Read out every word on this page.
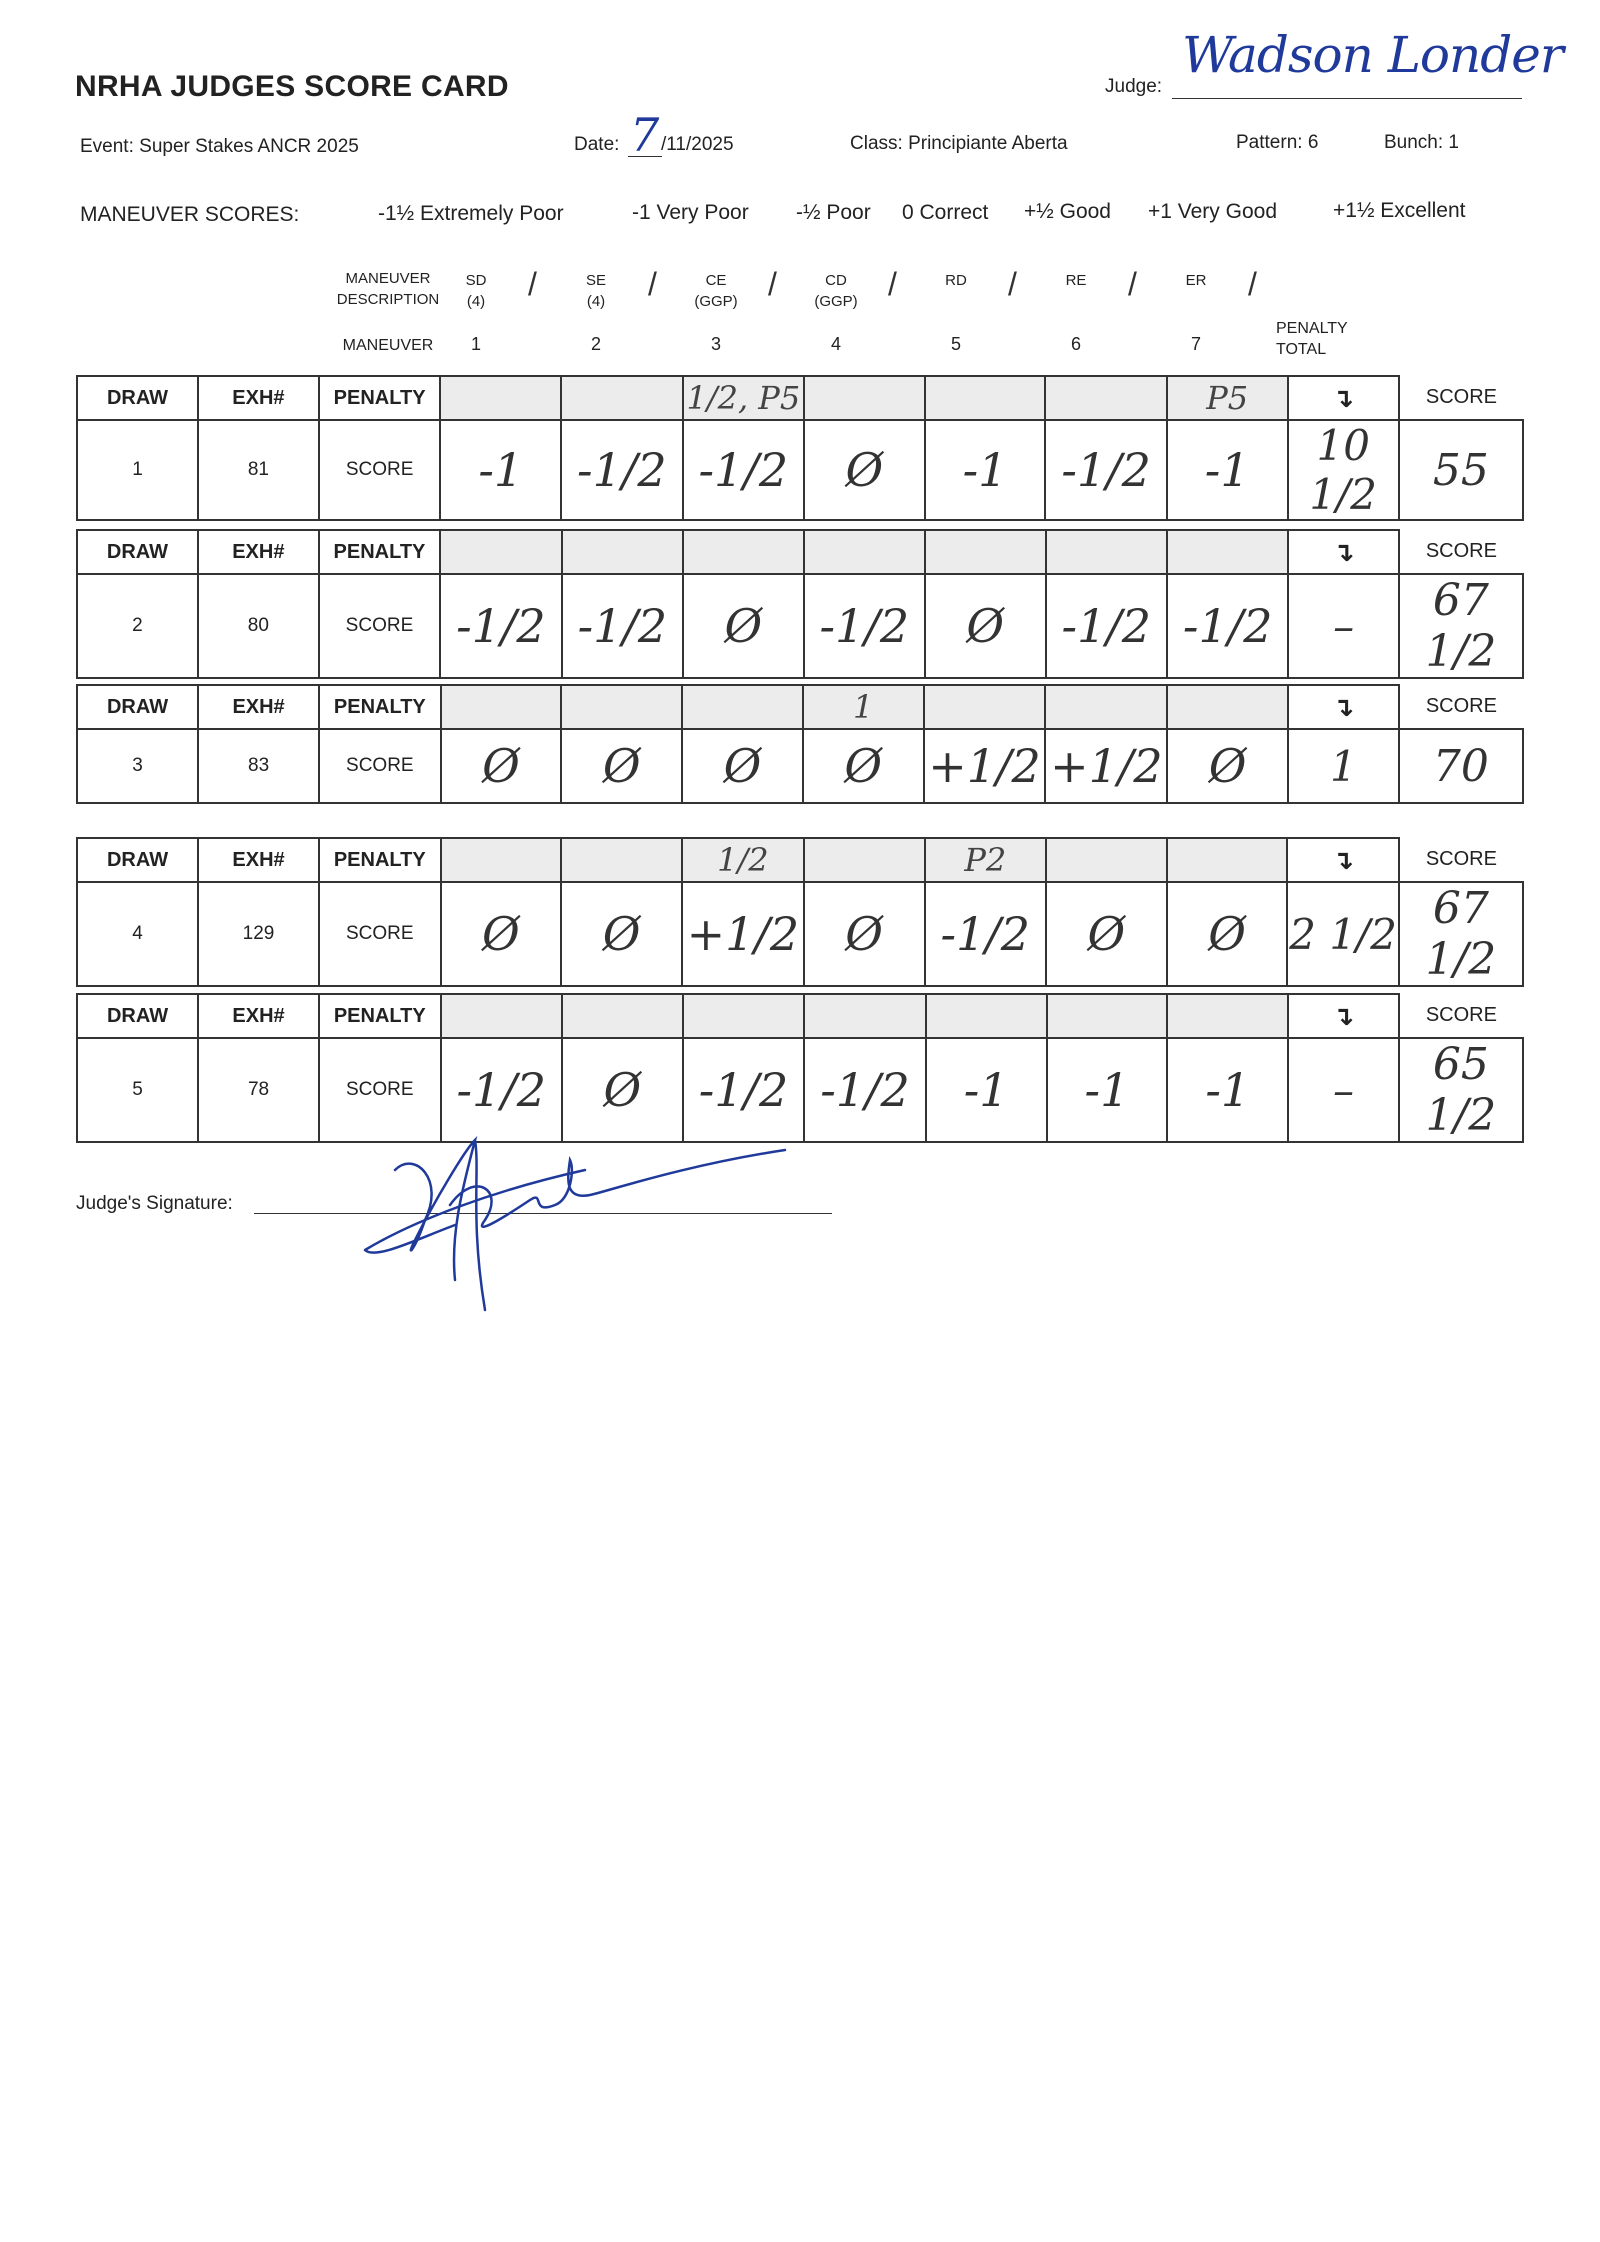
NRHA JUDGES SCORE CARD	Judge:
Wadson Londer
Event: Super Stakes ANCR 2025	Date: 7 /11/2025	Class: Principiante Aberta	Pattern: 6	Bunch: 1
MANEUVER SCORES:	-1½ Extremely Poor	-1 Very Poor -½ Poor 0 Correct +½ Good +1 Very Good	+1½ Excellent
MANEUVER
DESCRIPTION
MANEUVER
PENALTY
TOTAL
SD
(4)	/
1
SE
(4)	/
2
CE
(GGP) /
3
CD
(GGP) /
4
RD	/
5
RE	/
6
ER	/
7
DRAW	EXH#	PENALTY			1/2, P5				P5	↴	SCORE
1	81	SCORE	-1	-1/2	-1/2	Ø	-1	-1/2	-1	10 1/2	55
DRAW	EXH#	PENALTY								↴	SCORE
2	80	SCORE	-1/2	-1/2	Ø	-1/2	Ø	-1/2	-1/2	–	67 1/2
DRAW	EXH#	PENALTY				1				↴	SCORE
3	83	SCORE	Ø	Ø	Ø	Ø	+1/2	+1/2	Ø	1	70
DRAW	EXH#	PENALTY			1/2		P2			↴	SCORE
4	129	SCORE	Ø	Ø	+1/2	Ø	-1/2	Ø	Ø	2 1/2	67 1/2
DRAW	EXH#	PENALTY								↴	SCORE
5	78	SCORE	-1/2	Ø	-1/2	-1/2	-1	-1	-1	–	65 1/2
Judge's Signature:
